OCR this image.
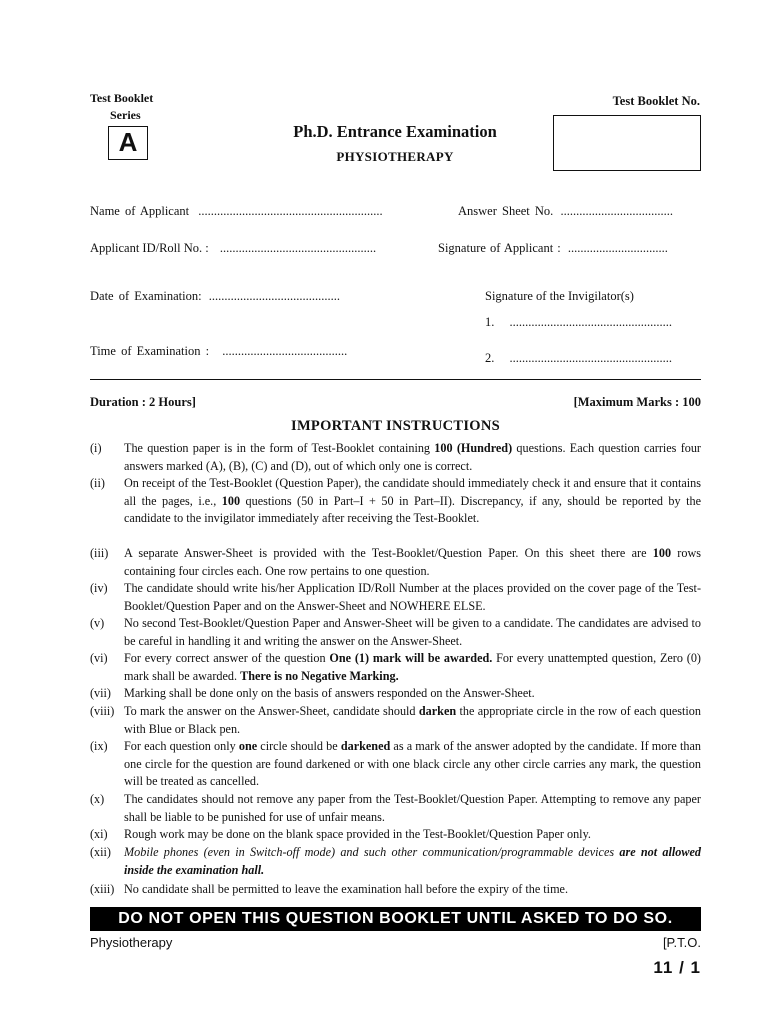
Test Booklet
Series
A	Ph.D. Entrance Examination
PHYSIOTHERAPY
Test Booklet No.
Name of Applicant ...........................................................	Answer Sheet No. ....................................
Applicant ID/Roll No. : ..................................................	Signature of Applicant : ................................
Date of Examination: ..........................................	Signature of the Invigilator(s)
1. ....................................................
Time of Examination : ........................................	2. ....................................................
Duration : 2 Hours]	[Maximum Marks : 100
IMPORTANT INSTRUCTIONS
(i)	The question paper is in the form of Test-Booklet containing 100 (Hundred) questions. Each question carries four answers marked (A), (B), (C) and (D), out of which only one is correct.
(ii)	On receipt of the Test-Booklet (Question Paper), the candidate should immediately check it and ensure that it contains all the pages, i.e., 100 questions (50 in Part–I + 50 in Part–II). Discrepancy, if any, should be reported by the candidate to the invigilator immediately after receiving the Test-Booklet.
(iii)	A separate Answer-Sheet is provided with the Test-Booklet/Question Paper. On this sheet there are 100 rows containing four circles each. One row pertains to one question.
(iv)	The candidate should write his/her Application ID/Roll Number at the places provided on the cover page of the Test-Booklet/Question Paper and on the Answer-Sheet and NOWHERE ELSE.
(v)	No second Test-Booklet/Question Paper and Answer-Sheet will be given to a candidate. The candidates are advised to be careful in handling it and writing the answer on the Answer-Sheet.
(vi)	For every correct answer of the question One (1) mark will be awarded. For every unattempted question, Zero (0) mark shall be awarded. There is no Negative Marking.
(vii)	Marking shall be done only on the basis of answers responded on the Answer-Sheet.
(viii) To mark the answer on the Answer-Sheet, candidate should darken the appropriate circle in the row of each question with Blue or Black pen.
(ix)	For each question only one circle should be darkened as a mark of the answer adopted by the candidate. If more than one circle for the question are found darkened or with one black circle any other circle carries any mark, the question will be treated as cancelled.
(x)	The candidates should not remove any paper from the Test-Booklet/Question Paper. Attempting to remove any paper shall be liable to be punished for use of unfair means.
(xi)	Rough work may be done on the blank space provided in the Test-Booklet/Question Paper only.
(xii)	Mobile phones (even in Switch-off mode) and such other communication/programmable devices are not allowed inside the examination hall.
(xiii) No candidate shall be permitted to leave the examination hall before the expiry of the time.
DO NOT OPEN THIS QUESTION BOOKLET UNTIL ASKED TO DO SO.
Physiotherapy	[P.T.O.
11 / 1
